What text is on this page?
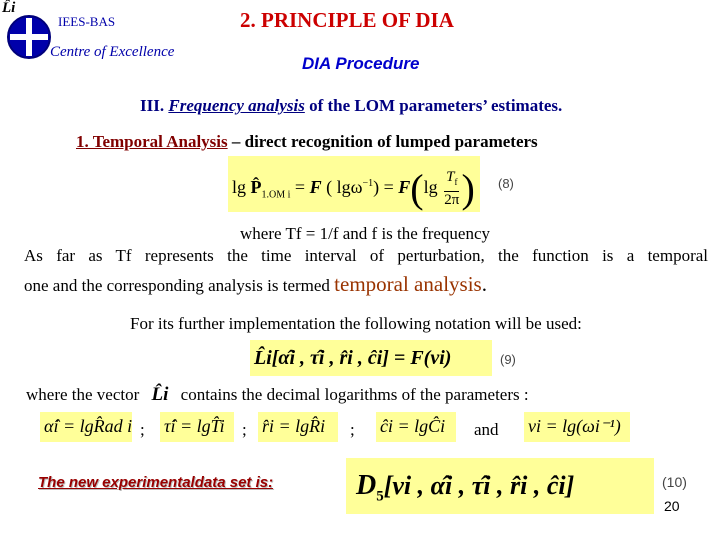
L̂i
IEES-BAS
Centre of Excellence
2. PRINCIPLE OF DIA
DIA Procedure
III. Frequency analysis of the LOM parameters’ estimates.
1. Temporal Analysis – direct recognition of lumped parameters
$\lg P̂_{1.OM i} = F$ ( $\lg\omega^{-1}) = F(\lg \frac{T_f}{2\pi}$ ) (8)
where Tf = 1/f and f is the frequency
As far as Tf represents the time interval of perturbation, the function is a temporal
one and the corresponding analysis is termed temporal analysis.
For its further implementation the following notation will be used:
L̂i[α̂i , τ̂i , r̂i , ĉi] = F(νi)	(9)
where the vector L̂i contains the decimal logarithms of the parameters :
α̂i = lgR̂ad i ; τ̂i = lgT̂i ; r̂i = lgR̂i ; ĉi = lgĈi and νi = lg(ωi⁻¹)
The new experimentaldata set is:	$D_5[\nu i$ , α̂i , τ̂i , r̂i , ĉi]	(10)
20
